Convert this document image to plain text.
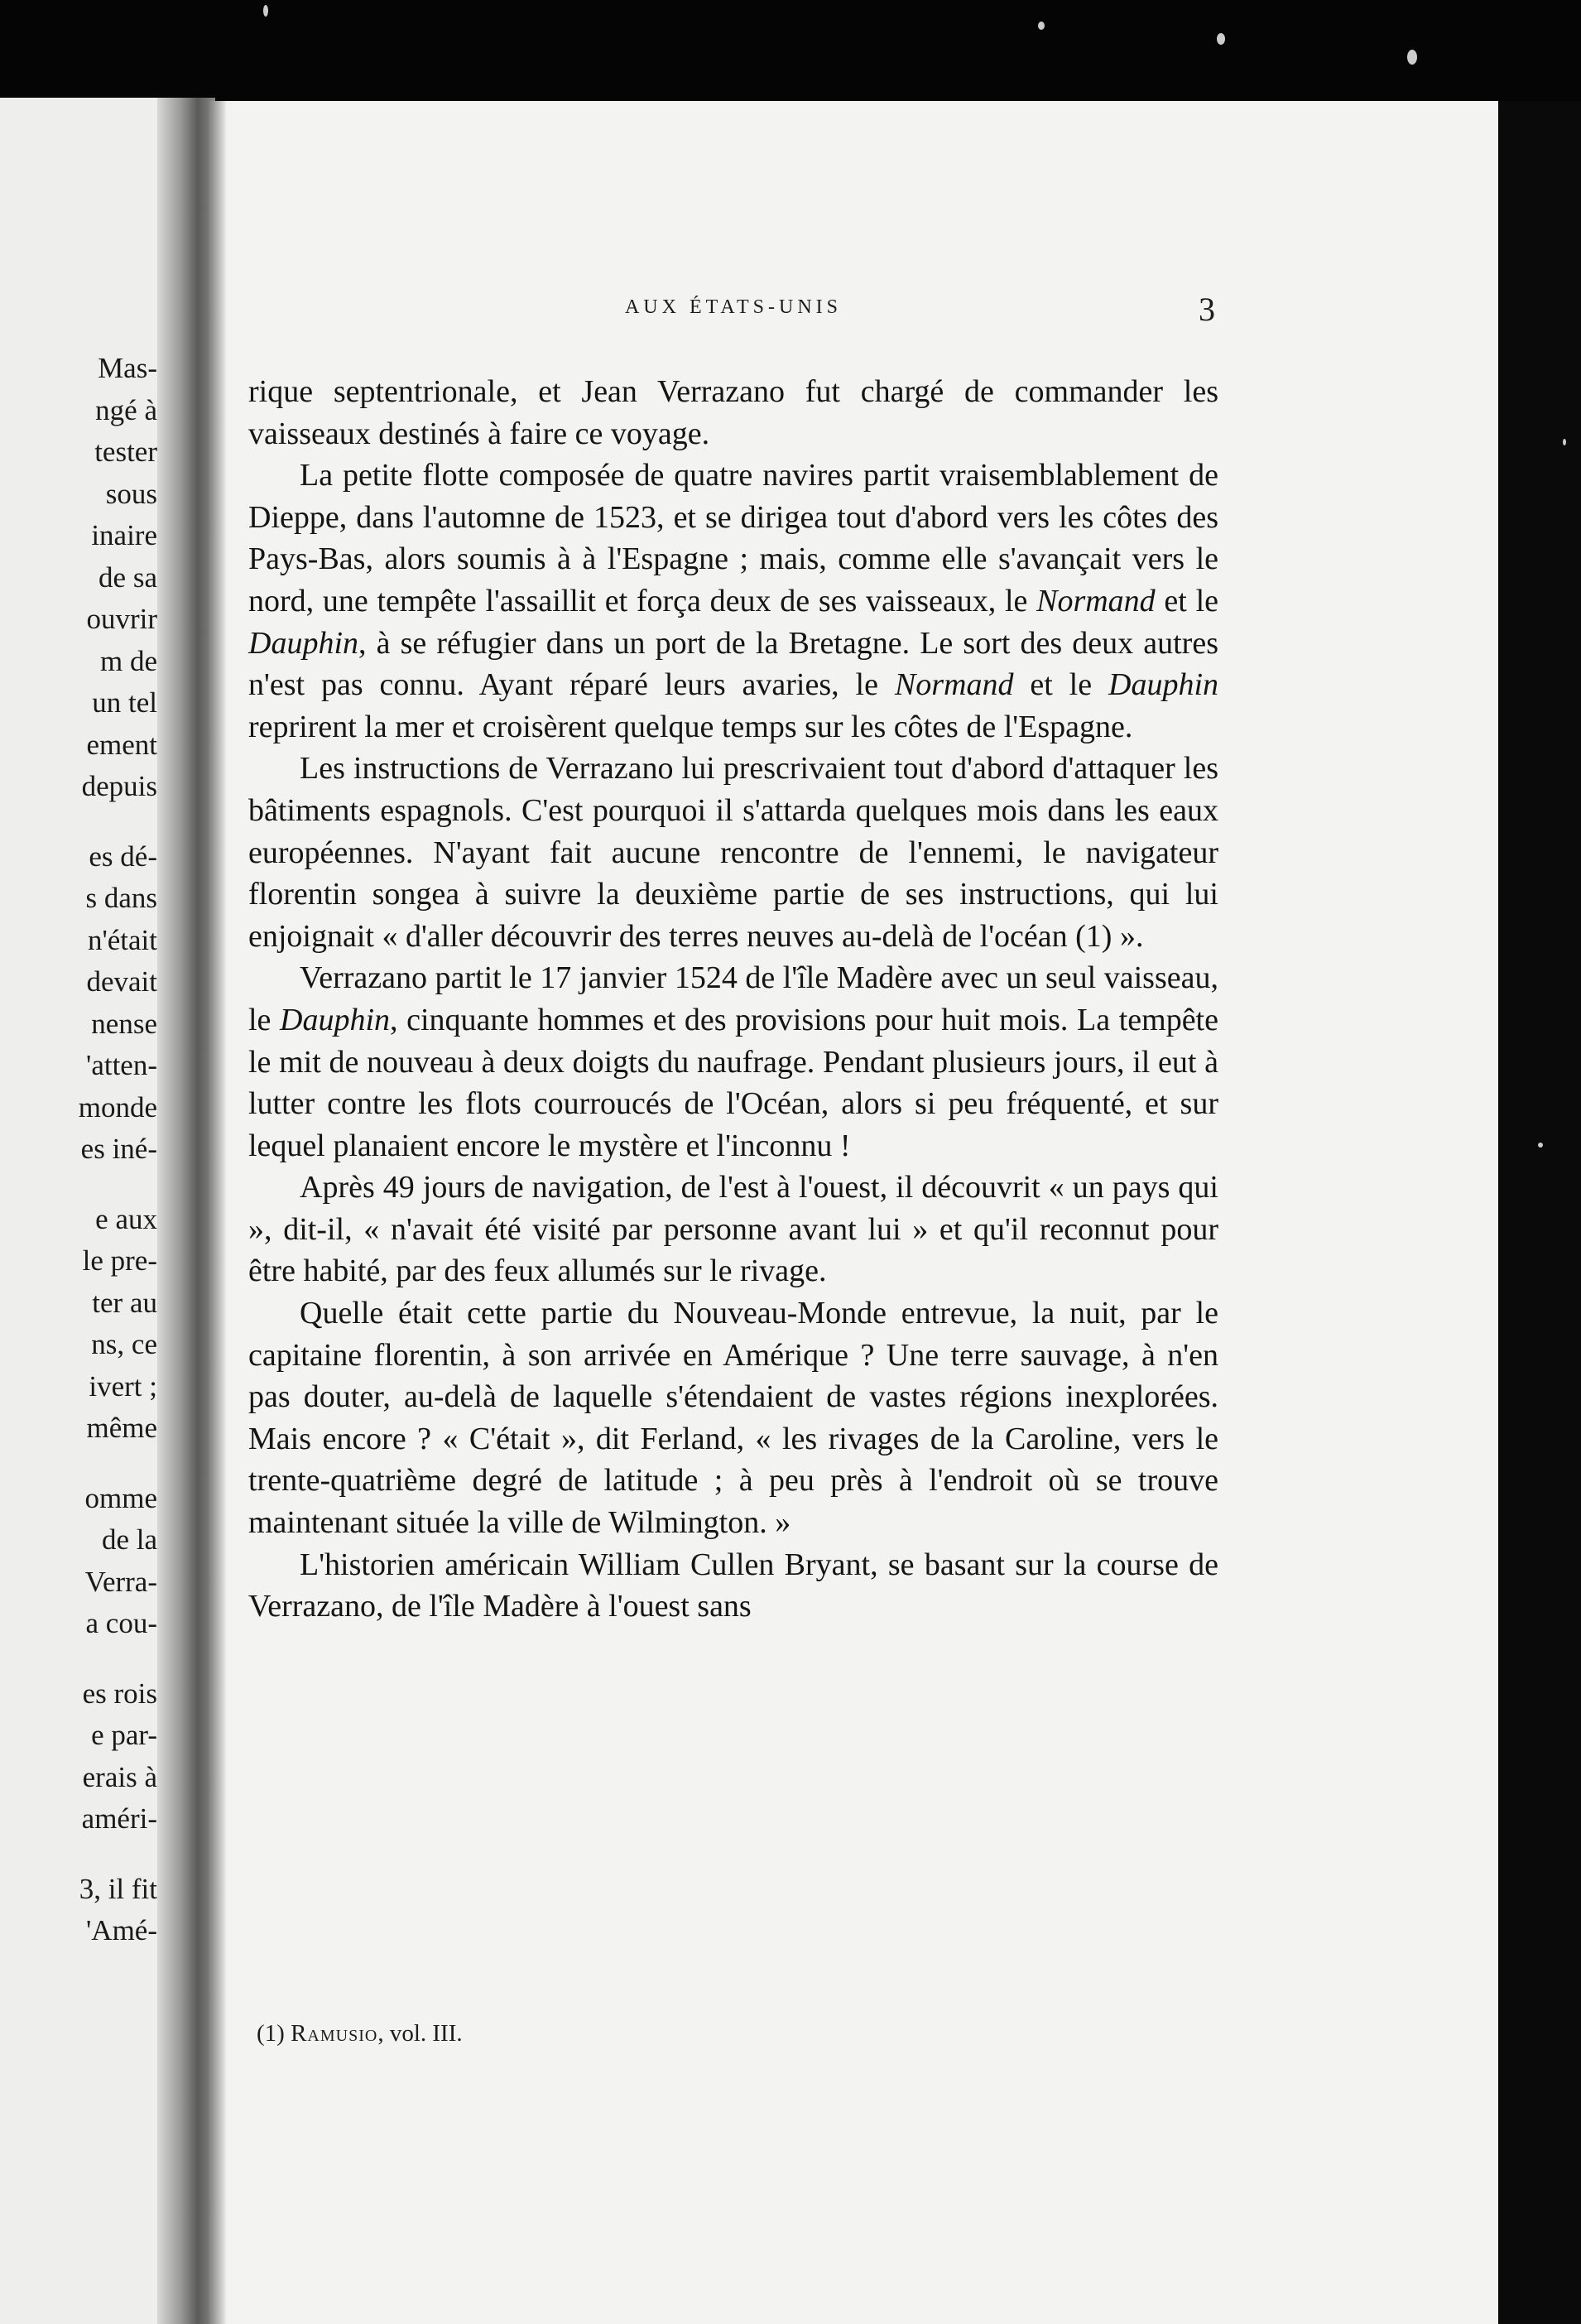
Mas-
ngé à
tester
sous
inaire
de sa
ouvrir
m de
un tel
ement
depuis
es dé-
s dans
n'était
devait
nense
'atten-
monde
es iné-
e aux
le pre-
ter au
ns, ce
ivert ;
même
omme
de la
Verra-
a cou-
es rois
e par-
erais à
améri-
3, il fit
'Amé-
AUX ÉTATS-UNIS	3

rique septentrionale, et Jean Verrazano fut chargé de commander les vaisseaux destinés à faire ce voyage.

La petite flotte composée de quatre navires partit vraisemblablement de Dieppe, dans l'automne de 1523, et se dirigea tout d'abord vers les côtes des Pays-Bas, alors soumis à à l'Espagne ; mais, comme elle s'avançait vers le nord, une tempête l'assaillit et força deux de ses vaisseaux, le Normand et le Dauphin, à se réfugier dans un port de la Bretagne. Le sort des deux autres n'est pas connu. Ayant réparé leurs avaries, le Normand et le Dauphin reprirent la mer et croisèrent quelque temps sur les côtes de l'Espagne.

Les instructions de Verrazano lui prescrivaient tout d'abord d'attaquer les bâtiments espagnols. C'est pourquoi il s'attarda quelques mois dans les eaux européennes. N'ayant fait aucune rencontre de l'ennemi, le navigateur florentin songea à suivre la deuxième partie de ses instructions, qui lui enjoignait « d'aller découvrir des terres neuves au-delà de l'océan (1) ».

Verrazano partit le 17 janvier 1524 de l'île Madère avec un seul vaisseau, le Dauphin, cinquante hommes et des provisions pour huit mois. La tempête le mit de nouveau à deux doigts du naufrage. Pendant plusieurs jours, il eut à lutter contre les flots courroucés de l'Océan, alors si peu fréquenté, et sur lequel planaient encore le mystère et l'inconnu !

Après 49 jours de navigation, de l'est à l'ouest, il découvrit « un pays qui », dit-il, « n'avait été visité par personne avant lui » et qu'il reconnut pour être habité, par des feux allumés sur le rivage.

Quelle était cette partie du Nouveau-Monde entrevue, la nuit, par le capitaine florentin, à son arrivée en Amérique ? Une terre sauvage, à n'en pas douter, au-delà de laquelle s'étendaient de vastes régions inexplorées. Mais encore ? « C'était », dit Ferland, « les rivages de la Caroline, vers le trente-quatrième degré de latitude ; à peu près à l'endroit où se trouve maintenant située la ville de Wilmington. »

L'historien américain William Cullen Bryant, se basant sur la course de Verrazano, de l'île Madère à l'ouest sans

(1) Ramusio, vol. III.
